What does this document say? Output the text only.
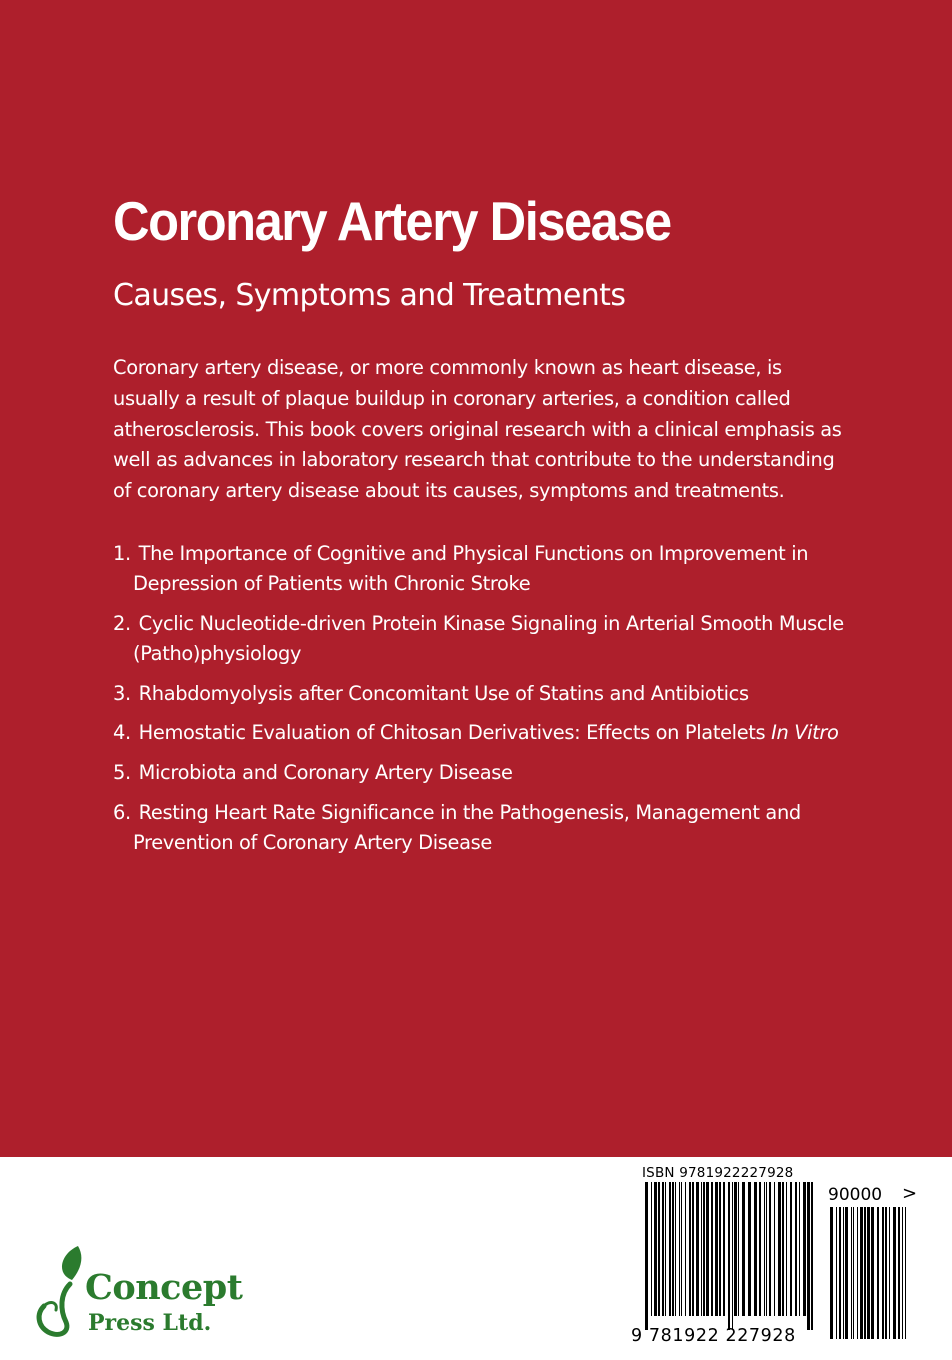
Coronary Artery Disease
Causes, Symptoms and Treatments

Coronary artery disease, or more commonly known as heart disease, is usually a result of plaque buildup in coronary arteries, a condition called atherosclerosis. This book covers original research with a clinical emphasis as well as advances in laboratory research that contribute to the understanding of coronary artery disease about its causes, symptoms and treatments.

1. The Importance of Cognitive and Physical Functions on Improvement in Depression of Patients with Chronic Stroke
2. Cyclic Nucleotide-driven Protein Kinase Signaling in Arterial Smooth Muscle (Patho)physiology
3. Rhabdomyolysis after Concomitant Use of Statins and Antibiotics
4. Hemostatic Evaluation of Chitosan Derivatives: Effects on Platelets In Vitro
5. Microbiota and Coronary Artery Disease
6. Resting Heart Rate Significance in the Pathogenesis, Management and Prevention of Coronary Artery Disease
Concept
Press Ltd.
ISBN 9781922227928
90000 >
9 781922 227928
